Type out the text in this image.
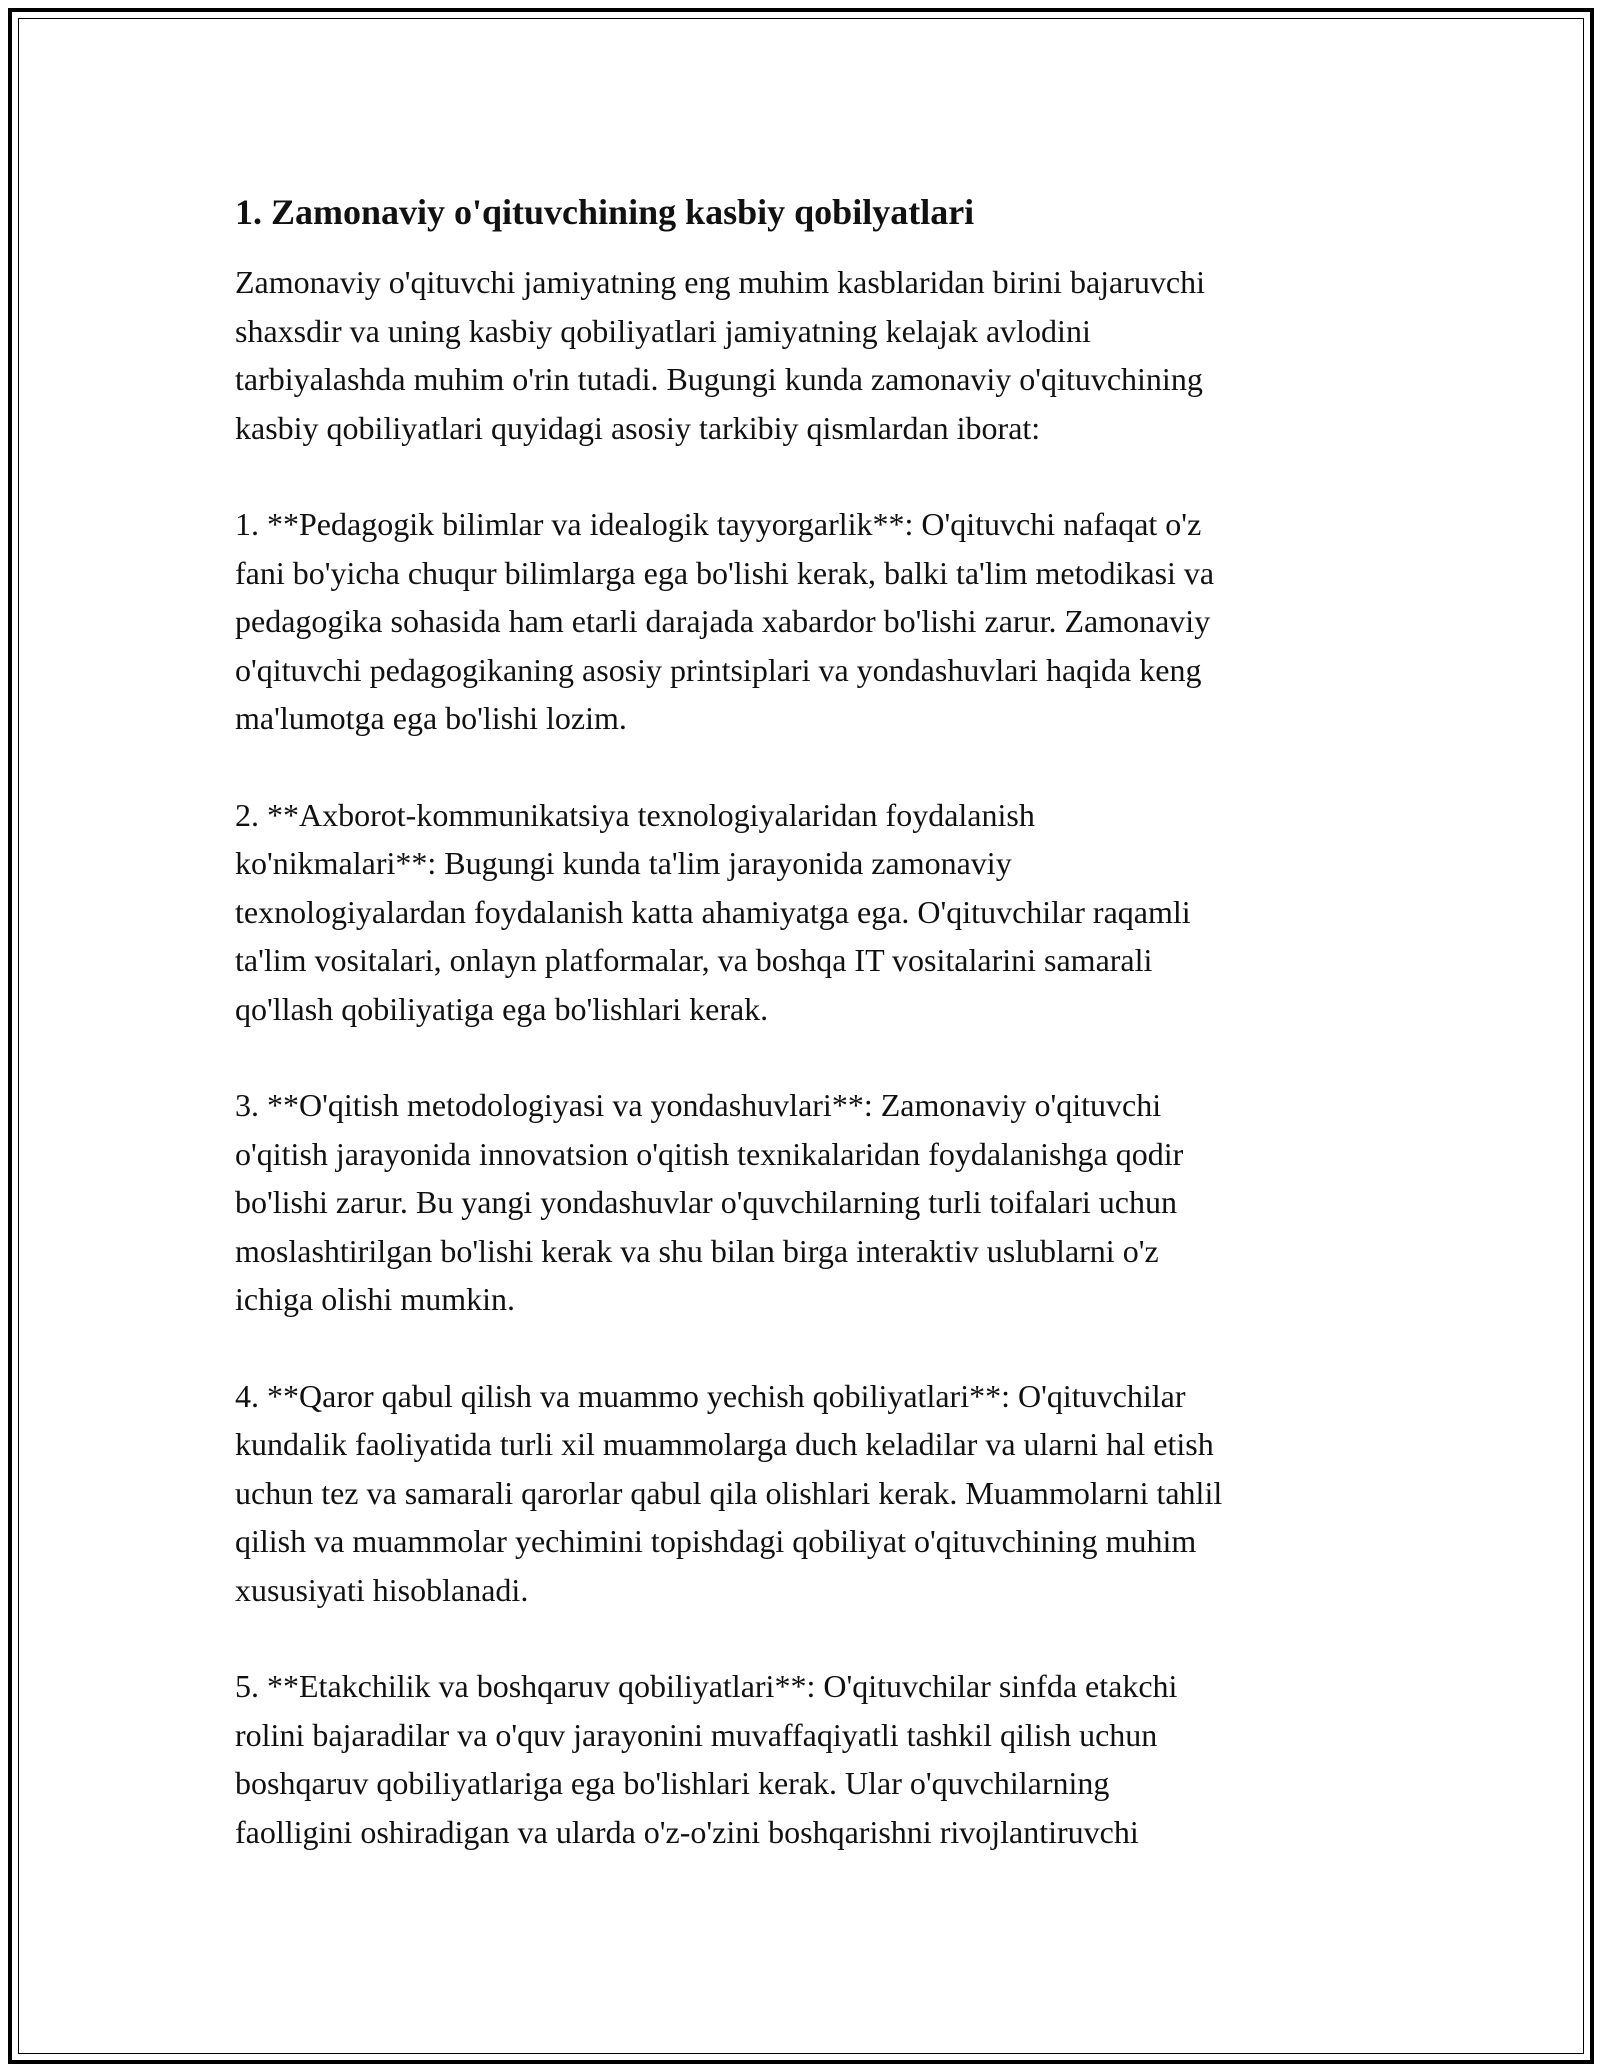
1. Zamonaviy o'qituvchining kasbiy qobilyatlari

Zamonaviy o'qituvchi jamiyatning eng muhim kasblaridan birini bajaruvchi
shaxsdir va uning kasbiy qobiliyatlari jamiyatning kelajak avlodini
tarbiyalashda muhim o'rin tutadi. Bugungi kunda zamonaviy o'qituvchining
kasbiy qobiliyatlari quyidagi asosiy tarkibiy qismlardan iborat:

1. **Pedagogik bilimlar va idealogik tayyorgarlik**: O'qituvchi nafaqat o'z
fani bo'yicha chuqur bilimlarga ega bo'lishi kerak, balki ta'lim metodikasi va
pedagogika sohasida ham etarli darajada xabardor bo'lishi zarur. Zamonaviy
o'qituvchi pedagogikaning asosiy printsiplari va yondashuvlari haqida keng
ma'lumotga ega bo'lishi lozim.

2. **Axborot-kommunikatsiya texnologiyalaridan foydalanish
ko'nikmalari**: Bugungi kunda ta'lim jarayonida zamonaviy
texnologiyalardan foydalanish katta ahamiyatga ega. O'qituvchilar raqamli
ta'lim vositalari, onlayn platformalar, va boshqa IT vositalarini samarali
qo'llash qobiliyatiga ega bo'lishlari kerak.

3. **O'qitish metodologiyasi va yondashuvlari**: Zamonaviy o'qituvchi
o'qitish jarayonida innovatsion o'qitish texnikalaridan foydalanishga qodir
bo'lishi zarur. Bu yangi yondashuvlar o'quvchilarning turli toifalari uchun
moslashtirilgan bo'lishi kerak va shu bilan birga interaktiv uslublarni o'z
ichiga olishi mumkin.

4. **Qaror qabul qilish va muammo yechish qobiliyatlari**: O'qituvchilar
kundalik faoliyatida turli xil muammolarga duch keladilar va ularni hal etish
uchun tez va samarali qarorlar qabul qila olishlari kerak. Muammolarni tahlil
qilish va muammolar yechimini topishdagi qobiliyat o'qituvchining muhim
xususiyati hisoblanadi.

5. **Etakchilik va boshqaruv qobiliyatlari**: O'qituvchilar sinfda etakchi
rolini bajaradilar va o'quv jarayonini muvaffaqiyatli tashkil qilish uchun
boshqaruv qobiliyatlariga ega bo'lishlari kerak. Ular o'quvchilarning
faolligini oshiradigan va ularda o'z-o'zini boshqarishni rivojlantiruvchi
